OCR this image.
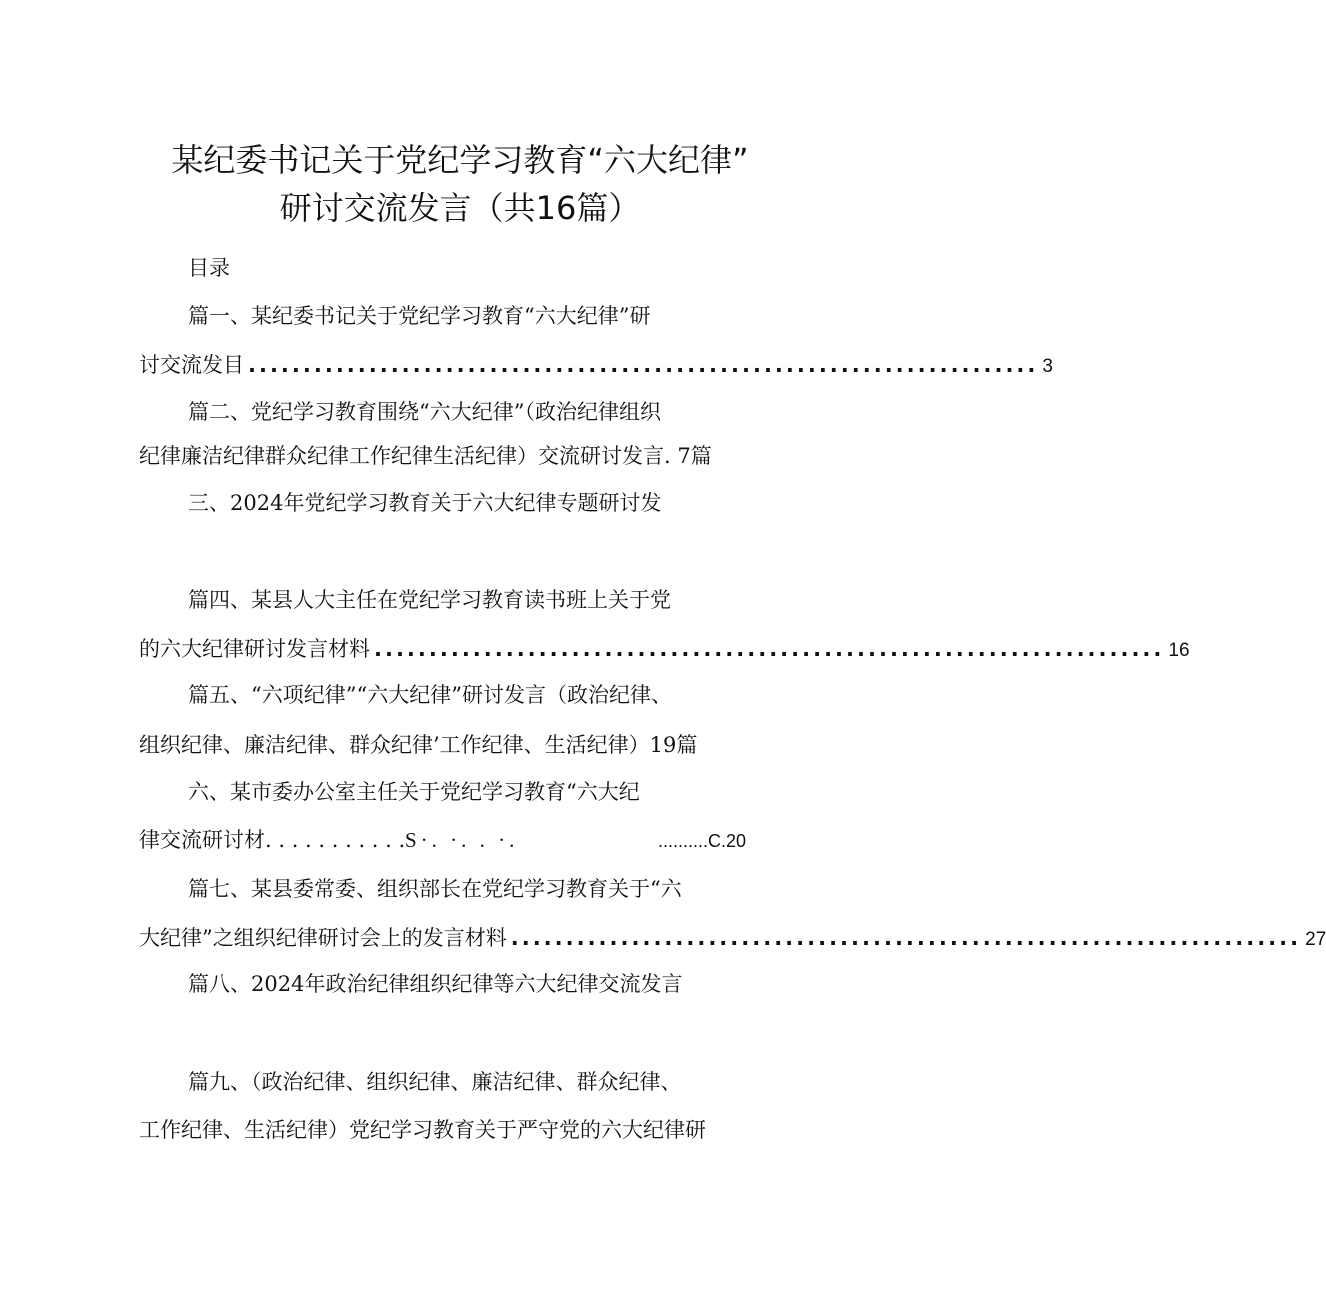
某纪委书记关于党纪学习教育“六大纪律”
研讨交流发言（共16篇）
目录
篇一、某纪委书记关于党纪学习教育“六大纪律”研
讨交流发目 ........................................................................ 3
篇二、党纪学习教育围绕“六大纪律”（政治纪律组织
纪律廉洁纪律群众纪律工作纪律生活纪律）交流研讨发言. 7篇
三、2024年党纪学习教育关于六大纪律专题研讨发
篇四、某县人大主任在党纪学习教育读书班上关于党
的六大纪律研讨发言材料 ........................................................................ 16
篇五、“六项纪律”“六大纪律”研讨发言（政治纪律、
组织纪律、廉洁纪律、群众纪律’工作纪律、生活纪律）19篇
六、某市委办公室主任关于党纪学习教育“六大纪
律交流研讨材. . . . . . . . . . . S·. ·. . ·.	..........C.20
篇七、某县委常委、组织部长在党纪学习教育关于“六
大纪律”之组织纪律研讨会上的发言材料 ........................................................................ 27
篇八、2024年政治纪律组织纪律等六大纪律交流发言
篇九、（政治纪律、组织纪律、廉洁纪律、群众纪律、
工作纪律、生活纪律）党纪学习教育关于严守党的六大纪律研
